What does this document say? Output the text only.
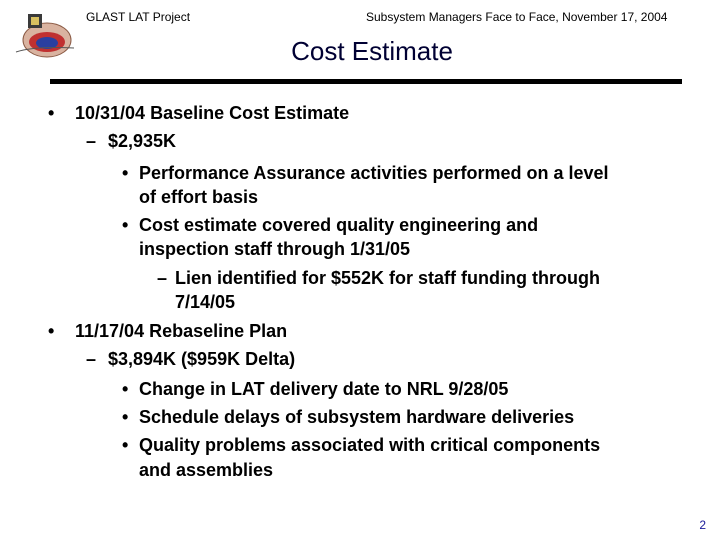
GLAST LAT Project	Subsystem Managers Face to Face, November 17, 2004
Cost Estimate
• 10/31/04 Baseline Cost Estimate
– $2,935K
• Performance Assurance activities performed on a level
of effort basis
• Cost estimate covered quality engineering and
inspection staff through 1/31/05
– Lien identified for $552K for staff funding through
7/14/05
• 11/17/04 Rebaseline Plan
– $3,894K ($959K Delta)
• Change in LAT delivery date to NRL 9/28/05
• Schedule delays of subsystem hardware deliveries
• Quality problems associated with critical components
and assemblies
2
